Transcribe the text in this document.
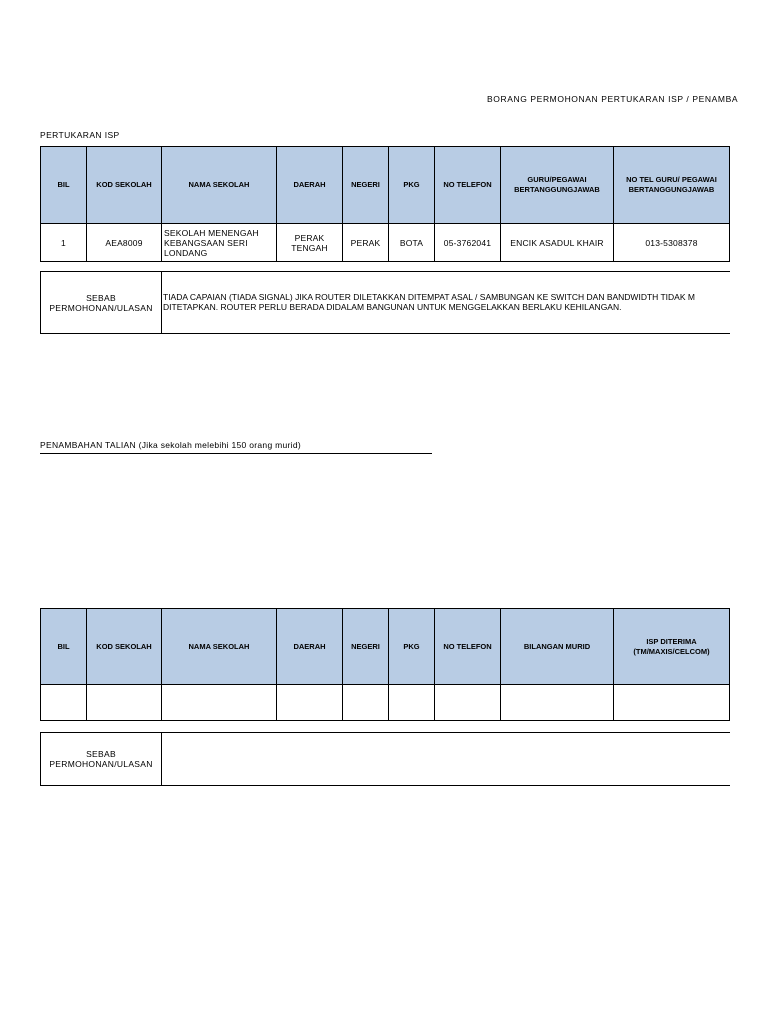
BORANG PERMOHONAN PERTUKARAN ISP / PENAMBA
PERTUKARAN ISP
BIL	KOD SEKOLAH	NAMA SEKOLAH	DAERAH	NEGERI	PKG	NO TELEFON	GURU/PEGAWAI BERTANGGUNGJAWAB	NO TEL GURU/ PEGAWAI BERTANGGUNGJAWAB
1	AEA8009	SEKOLAH MENENGAH KEBANGSAAN SERI LONDANG	PERAK TENGAH	PERAK	BOTA	05-3762041	ENCIK ASADUL KHAIR	013-5308378
SEBAB PERMOHONAN/ULASAN
TIADA CAPAIAN (TIADA SIGNAL) JIKA ROUTER DILETAKKAN DITEMPAT ASAL / SAMBUNGAN KE SWITCH DAN BANDWIDTH TIDAK M
DITETAPKAN. ROUTER PERLU BERADA DIDALAM BANGUNAN UNTUK MENGGELAKKAN BERLAKU KEHILANGAN.
PENAMBAHAN TALIAN (Jika sekolah melebihi 150 orang murid)
BIL	KOD SEKOLAH	NAMA SEKOLAH	DAERAH	NEGERI	PKG	NO TELEFON	BILANGAN MURID	ISP DITERIMA (TM/MAXIS/CELCOM)

SEBAB PERMOHONAN/ULASAN
